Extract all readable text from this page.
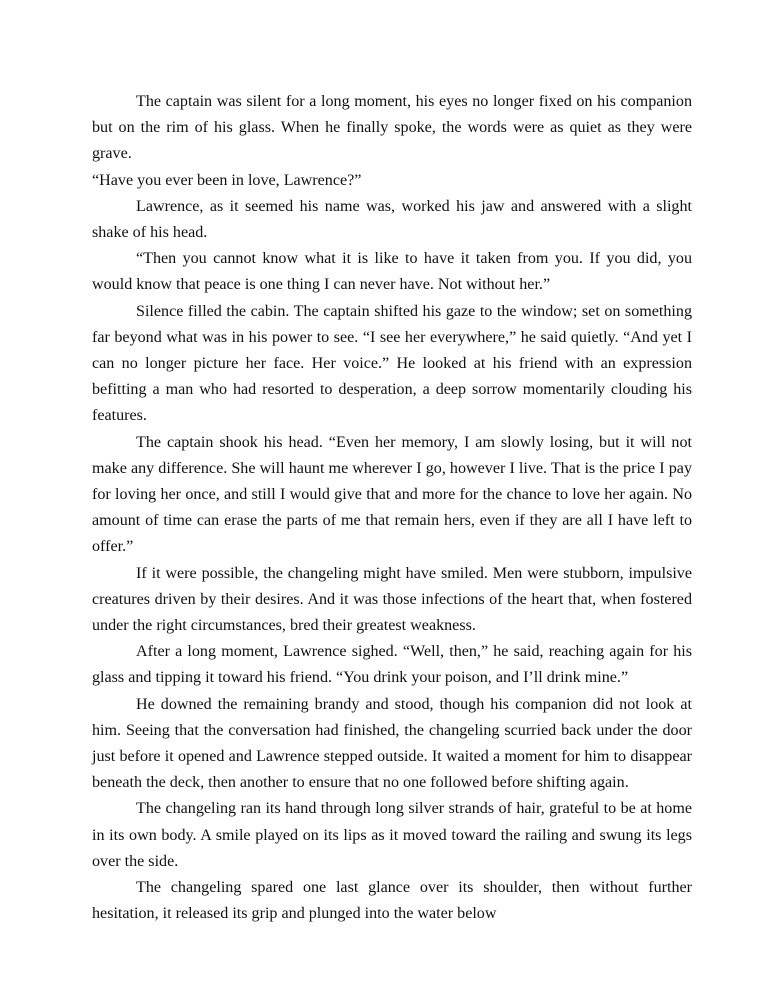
The captain was silent for a long moment, his eyes no longer fixed on his companion but on the rim of his glass. When he finally spoke, the words were as quiet as they were grave.

“Have you ever been in love, Lawrence?”

Lawrence, as it seemed his name was, worked his jaw and answered with a slight shake of his head.

“Then you cannot know what it is like to have it taken from you. If you did, you would know that peace is one thing I can never have. Not without her.”

Silence filled the cabin. The captain shifted his gaze to the window; set on something far beyond what was in his power to see. “I see her everywhere,” he said quietly. “And yet I can no longer picture her face. Her voice.” He looked at his friend with an expression befitting a man who had resorted to desperation, a deep sorrow momentarily clouding his features.

The captain shook his head. “Even her memory, I am slowly losing, but it will not make any difference. She will haunt me wherever I go, however I live. That is the price I pay for loving her once, and still I would give that and more for the chance to love her again. No amount of time can erase the parts of me that remain hers, even if they are all I have left to offer.”

If it were possible, the changeling might have smiled. Men were stubborn, impulsive creatures driven by their desires. And it was those infections of the heart that, when fostered under the right circumstances, bred their greatest weakness.

After a long moment, Lawrence sighed. “Well, then,” he said, reaching again for his glass and tipping it toward his friend. “You drink your poison, and I’ll drink mine.”

He downed the remaining brandy and stood, though his companion did not look at him. Seeing that the conversation had finished, the changeling scurried back under the door just before it opened and Lawrence stepped outside. It waited a moment for him to disappear beneath the deck, then another to ensure that no one followed before shifting again.

The changeling ran its hand through long silver strands of hair, grateful to be at home in its own body. A smile played on its lips as it moved toward the railing and swung its legs over the side.

The changeling spared one last glance over its shoulder, then without further hesitation, it released its grip and plunged into the water below
